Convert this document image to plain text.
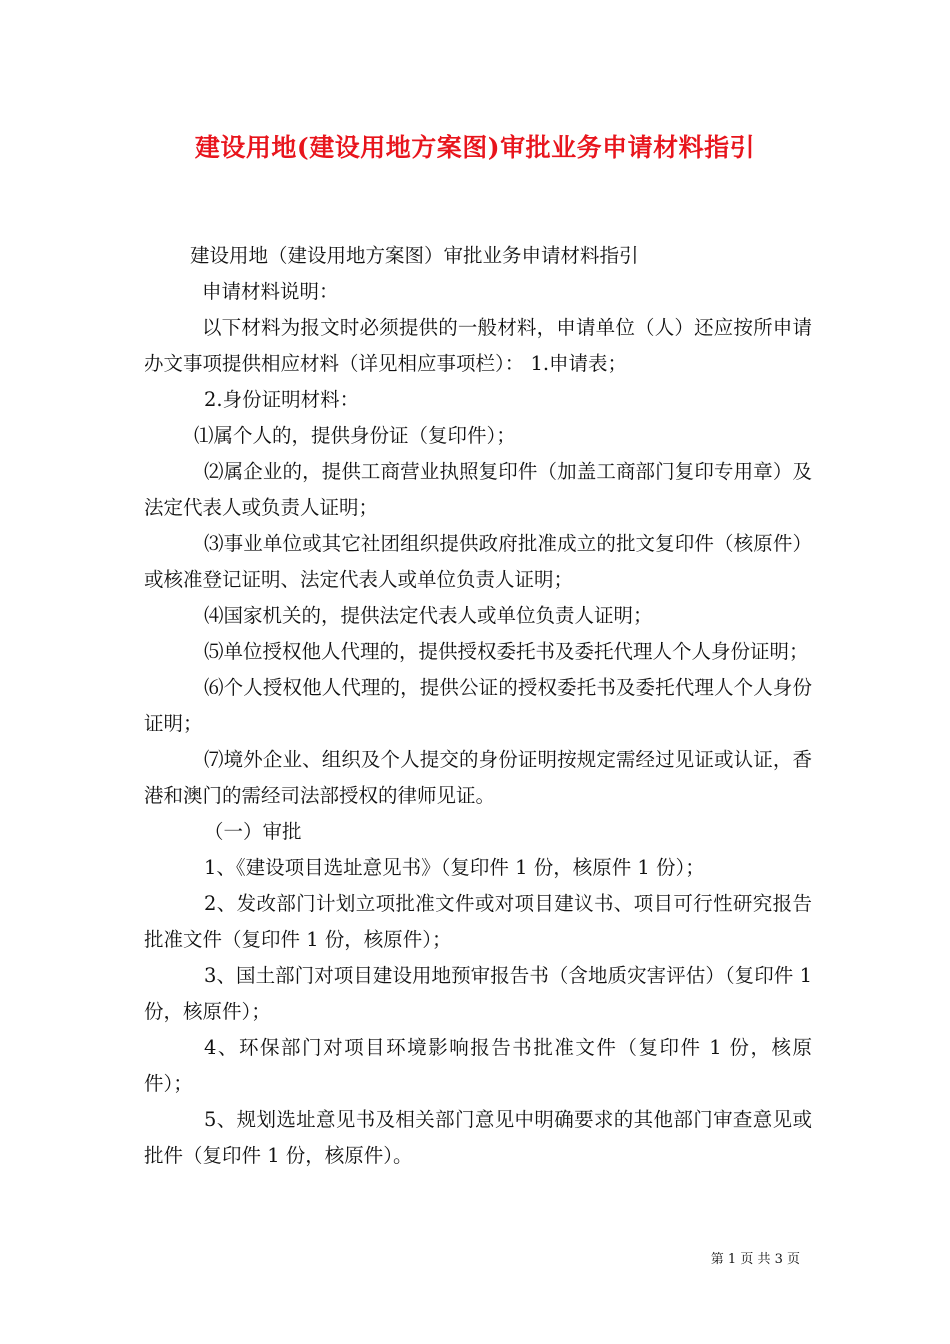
建设用地(建设用地方案图)审批业务申请材料指引
建设用地（建设用地方案图）审批业务申请材料指引
申请材料说明：
以下材料为报文时必须提供的一般材料，申请单位（人）还应按所申请办文事项提供相应材料（详见相应事项栏）： 1.申请表；
2.身份证明材料：
⑴属个人的，提供身份证（复印件）；
⑵属企业的，提供工商营业执照复印件（加盖工商部门复印专用章）及法定代表人或负责人证明；
⑶事业单位或其它社团组织提供政府批准成立的批文复印件（核原件）或核准登记证明、法定代表人或单位负责人证明；
⑷国家机关的，提供法定代表人或单位负责人证明；
⑸单位授权他人代理的，提供授权委托书及委托代理人个人身份证明；
⑹个人授权他人代理的，提供公证的授权委托书及委托代理人个人身份证明；
⑺境外企业、组织及个人提交的身份证明按规定需经过见证或认证，香港和澳门的需经司法部授权的律师见证。
（一）审批
1、《建设项目选址意见书》（复印件 1 份，核原件 1 份）；
2、发改部门计划立项批准文件或对项目建议书、项目可行性研究报告批准文件（复印件 1 份，核原件）；
3、国土部门对项目建设用地预审报告书（含地质灾害评估）（复印件 1 份，核原件）；
4、环保部门对项目环境影响报告书批准文件（复印件 1 份，核原件）；
5、规划选址意见书及相关部门意见中明确要求的其他部门审查意见或批件（复印件 1 份，核原件）。
第 1 页 共 3 页
